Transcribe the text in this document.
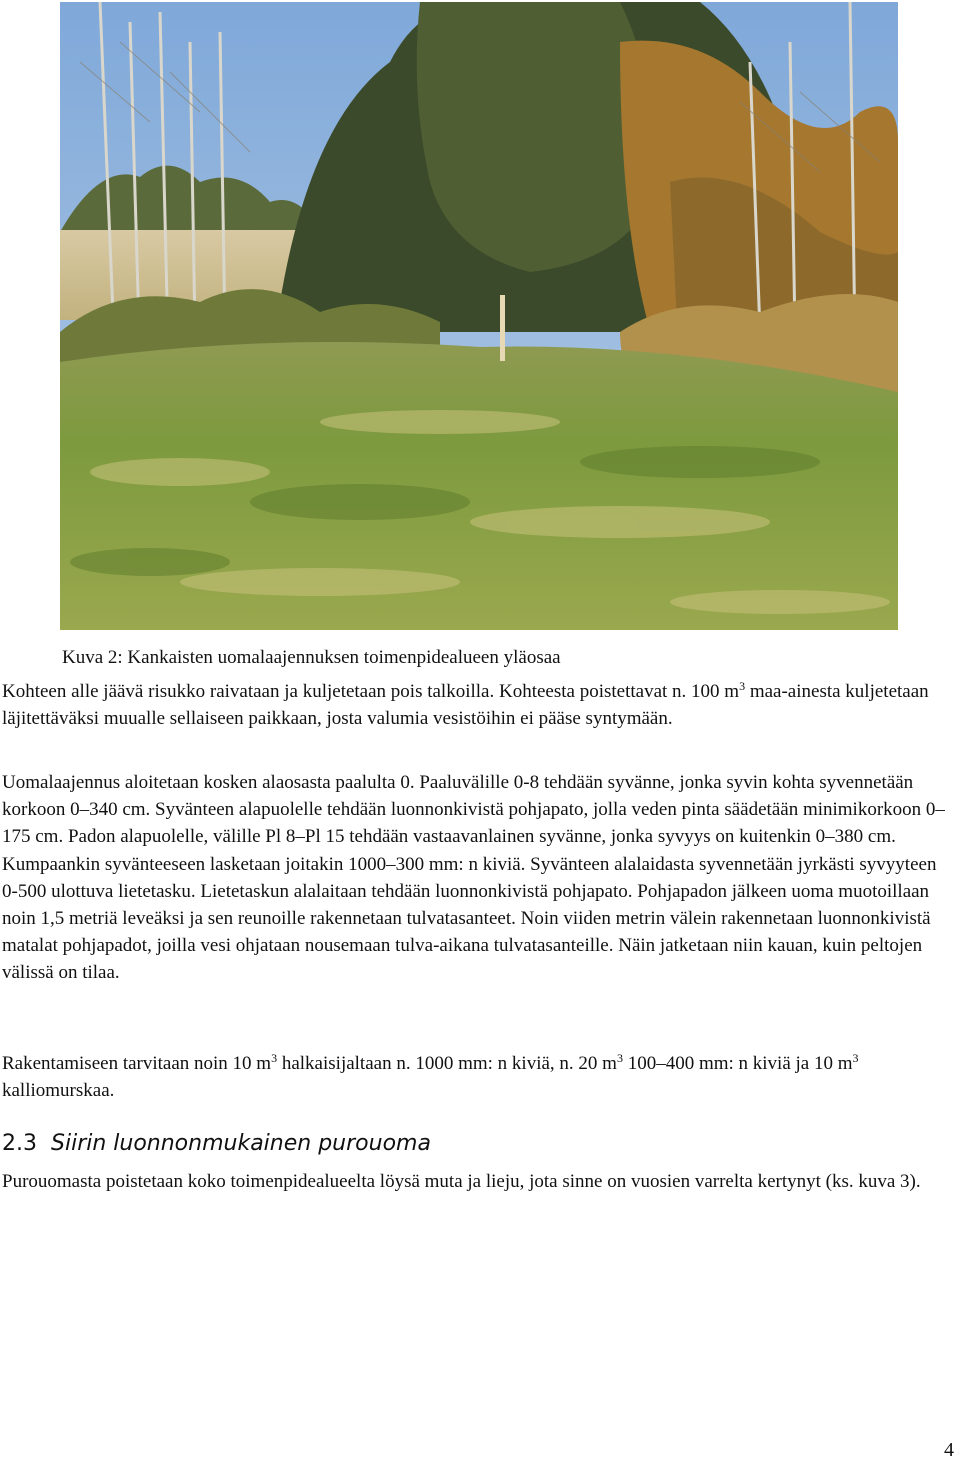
Kuva 2: Kankaisten uomalaajennuksen toimenpidealueen yläosaa

Kohteen alle jäävä risukko raivataan ja kuljetetaan pois talkoilla. Kohteesta poistettavat n. 100 $m^3$ maa-ainesta kuljetetaan läjitettäväksi muualle sellaiseen paikkaan, josta valumia vesistöihin ei pääse syntymään.

Uomalaajennus aloitetaan kosken alaosasta paalulta 0. Paaluvälille 0-8 tehdään syvänne, jonka syvin kohta syvennetään korkoon 0–340 cm. Syvänteen alapuolelle tehdään luonnonkivistä pohjapato, jolla veden pinta säädetään minimikorkoon 0–175 cm. Padon alapuolelle, välille Pl 8–Pl 15 tehdään vastaavanlainen syvänne, jonka syvyys on kuitenkin 0–380 cm. Kumpaankin syvänteeseen lasketaan joitakin 1000–300 mm: n kiviä. Syvänteen alalaidasta syvennetään jyrkästi syvyyteen 0-500 ulottuva lietetasku. Lietetaskun alalaitaan tehdään luonnonkivistä pohjapato. Pohjapadon jälkeen uoma muotoillaan noin 1,5 metriä leveäksi ja sen reunoille rakennetaan tulvatasanteet. Noin viiden metrin välein rakennetaan luonnonkivistä matalat pohjapadot, joilla vesi ohjataan nousemaan tulva-aikana tulvatasanteille. Näin jatketaan niin kauan, kuin peltojen välissä on tilaa.

Rakentamiseen tarvitaan noin 10 $m^3$ halkaisijaltaan n. 1000 mm: n kiviä, n. 20 $m^3$ 100–400 mm: n kiviä ja 10 $m^3$ kalliomurskaa.

2.3 Siirin luonnonmukainen purouoma

Purouomasta poistetaan koko toimenpidealueelta löysä muta ja lieju, jota sinne on vuosien varrelta kertynyt (ks. kuva 3).

4
